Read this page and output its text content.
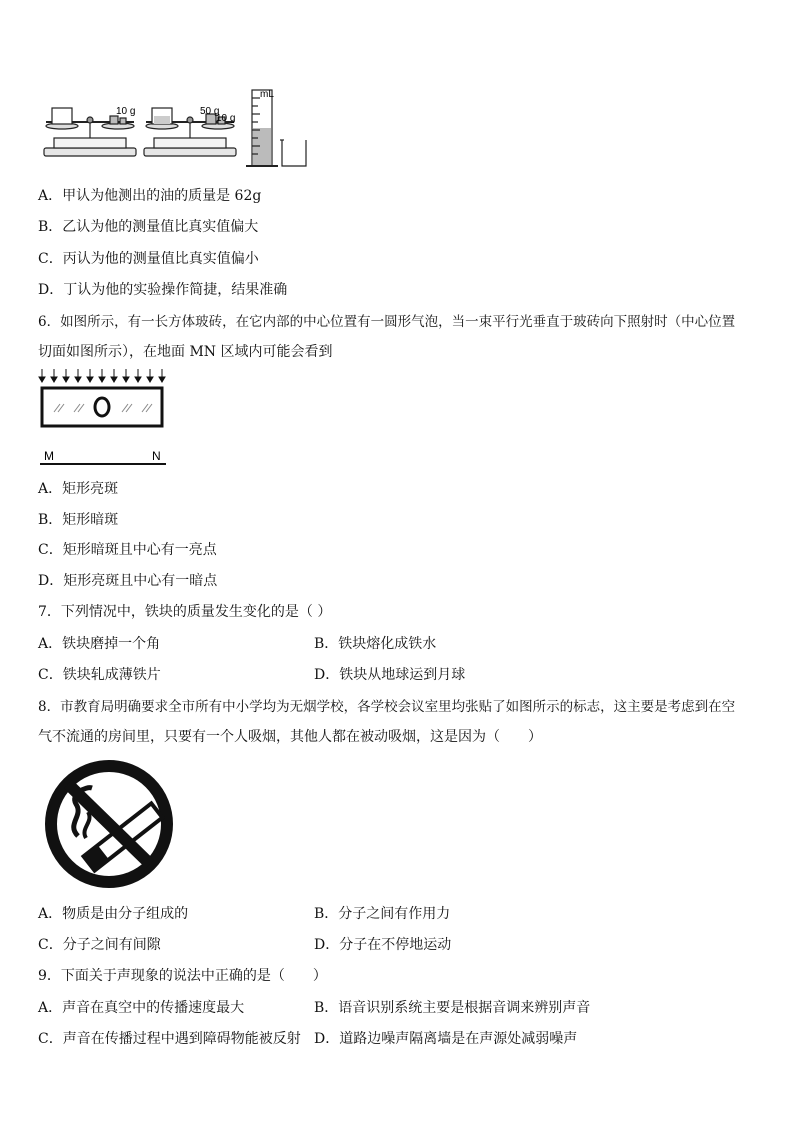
10 g	50 g
10 g
mL
A．甲认为他测出的油的质量是 62g
B．乙认为他的测量值比真实值偏大
C．丙认为他的测量值比真实值偏小
D．丁认为他的实验操作简捷，结果准确
6．如图所示，有一长方体玻砖，在它内部的中心位置有一圆形气泡，当一束平行光垂直于玻砖向下照射时（中心位置
切面如图所示），在地面 MN 区域内可能会看到
M	N
A．矩形亮斑
B．矩形暗斑
C．矩形暗斑且中心有一亮点
D．矩形亮斑且中心有一暗点
7．下列情况中，铁块的质量发生变化的是（ ）
A．铁块磨掉一个角	B．铁块熔化成铁水
C．铁块轧成薄铁片	D．铁块从地球运到月球
8．市教育局明确要求全市所有中小学均为无烟学校，各学校会议室里均张贴了如图所示的标志，这主要是考虑到在空
气不流通的房间里，只要有一个人吸烟，其他人都在被动吸烟，这是因为（　　）
A．物质是由分子组成的	B．分子之间有作用力
C．分子之间有间隙	D．分子在不停地运动
9．下面关于声现象的说法中正确的是（　　）
A．声音在真空中的传播速度最大	B．语音识别系统主要是根据音调来辨别声音
C．声音在传播过程中遇到障碍物能被反射 D．道路边噪声隔离墙是在声源处减弱噪声
